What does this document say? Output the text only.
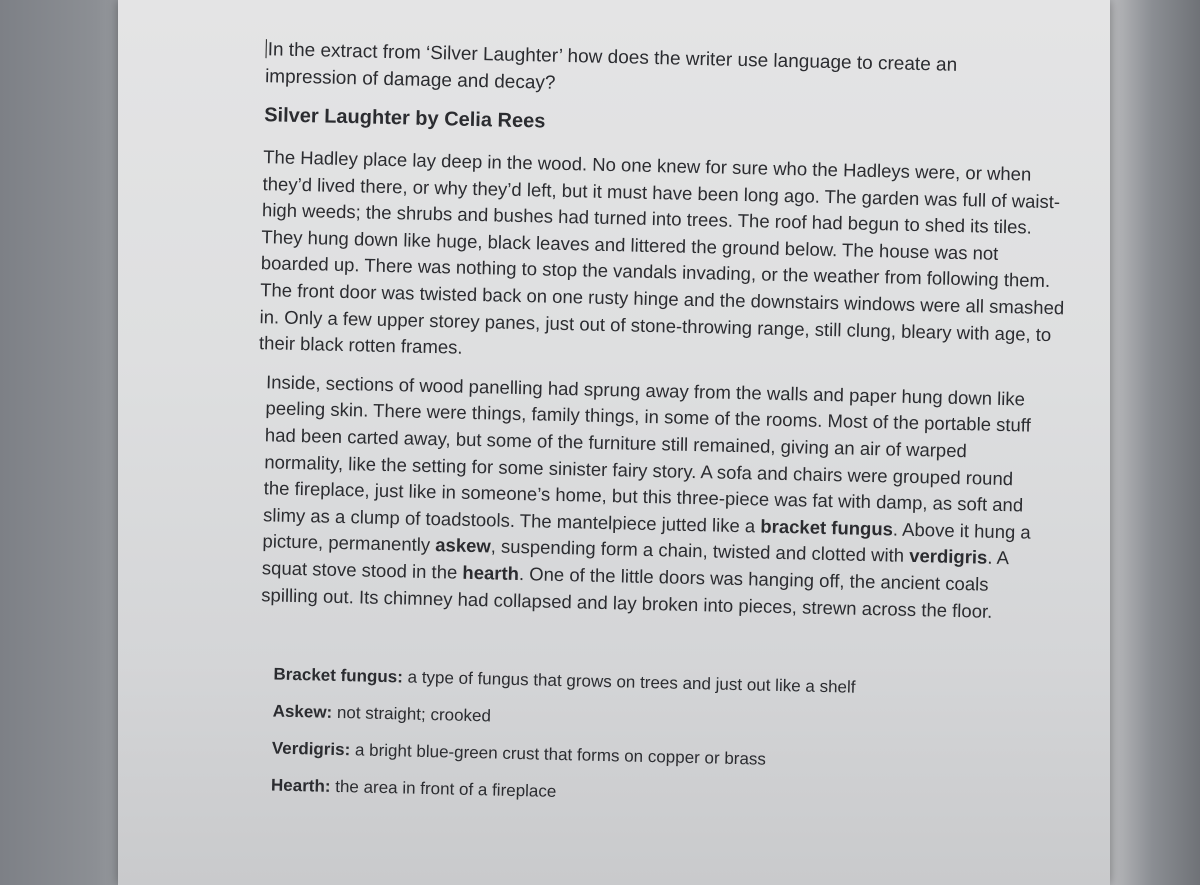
In the extract from ‘Silver Laughter’ how does the writer use language to create an impression of damage and decay?

Silver Laughter by Celia Rees

The Hadley place lay deep in the wood. No one knew for sure who the Hadleys were, or when they’d lived there, or why they’d left, but it must have been long ago. The garden was full of waist-high weeds; the shrubs and bushes had turned into trees. The roof had begun to shed its tiles. They hung down like huge, black leaves and littered the ground below. The house was not boarded up. There was nothing to stop the vandals invading, or the weather from following them. The front door was twisted back on one rusty hinge and the downstairs windows were all smashed in. Only a few upper storey panes, just out of stone-throwing range, still clung, bleary with age, to their black rotten frames.

Inside, sections of wood panelling had sprung away from the walls and paper hung down like peeling skin. There were things, family things, in some of the rooms. Most of the portable stuff had been carted away, but some of the furniture still remained, giving an air of warped normality, like the setting for some sinister fairy story. A sofa and chairs were grouped round the fireplace, just like in someone’s home, but this three-piece was fat with damp, as soft and slimy as a clump of toadstools. The mantelpiece jutted like a bracket fungus. Above it hung a picture, permanently askew, suspending form a chain, twisted and clotted with verdigris. A squat stove stood in the hearth. One of the little doors was hanging off, the ancient coals spilling out. Its chimney had collapsed and lay broken into pieces, strewn across the floor.

Bracket fungus: a type of fungus that grows on trees and just out like a shelf
Askew: not straight; crooked
Verdigris: a bright blue-green crust that forms on copper or brass
Hearth: the area in front of a fireplace
